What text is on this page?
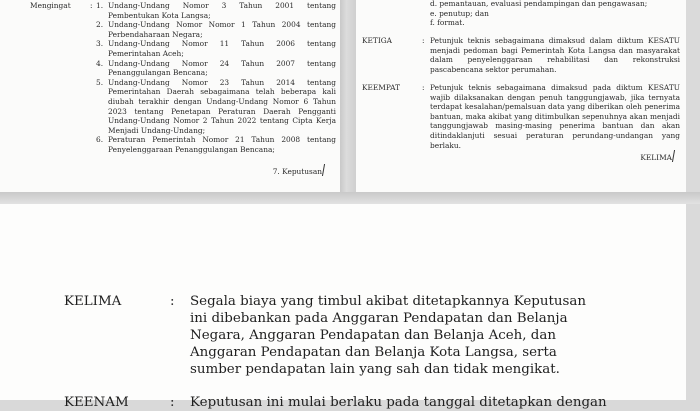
Mengingat	: 1. Undang-Undang Nomor 3 Tahun 2001 tentang Pembentukan Kota Langsa;
2. Undang-Undang Nomor Nomor 1 Tahun 2004 tentang Perbendaharaan Negara;
3. Undang-Undang Nomor 11 Tahun 2006 tentang Pemerintahan Aceh;
4. Undang-Undang Nomor 24 Tahun 2007 tentang Penanggulangan Bencana;
5. Undang-Undang Nomor 23 Tahun 2014 tentang Pemerintahan Daerah sebagaimana telah beberapa kali diubah terakhir dengan Undang-Undang Nomor 6 Tahun 2023 tentang Penetapan Peraturan Daerah Pengganti Undang-Undang Nomor 2 Tahun 2022 tentang Cipta Kerja Menjadi Undang-Undang;
6. Peraturan Pemerintah Nomor 21 Tahun 2008 tentang Penyelenggaraan Penanggulangan Bencana;
7. Keputusan
d. pemantauan, evaluasi pendampingan dan pengawasan;
e. penutup; dan
f. format.
KETIGA	: Petunjuk teknis sebagaimana dimaksud dalam diktum KESATU menjadi pedoman bagi Pemerintah Kota Langsa dan masyarakat dalam penyelenggaraan rehabilitasi dan rekonstruksi pascabencana sektor perumahan.
KEEMPAT	: Petunjuk teknis sebagaimana dimaksud pada diktum KESATU wajib dilaksanakan dengan penuh tanggungjawab, jika ternyata terdapat kesalahan/pemalsuan data yang diberikan oleh penerima bantuan, maka akibat yang ditimbulkan sepenuhnya akan menjadi tanggungjawab masing-masing penerima bantuan dan akan ditindaklanjuti sesuai peraturan perundang-undangan yang berlaku.
KELIMA
KELIMA	: Segala biaya yang timbul akibat ditetapkannya Keputusan
ini dibebankan pada Anggaran Pendapatan dan Belanja
Negara, Anggaran Pendapatan dan Belanja Aceh, dan
Anggaran Pendapatan dan Belanja Kota Langsa, serta
sumber pendapatan lain yang sah dan tidak mengikat.
KEENAM	: Keputusan ini mulai berlaku pada tanggal ditetapkan dengan
